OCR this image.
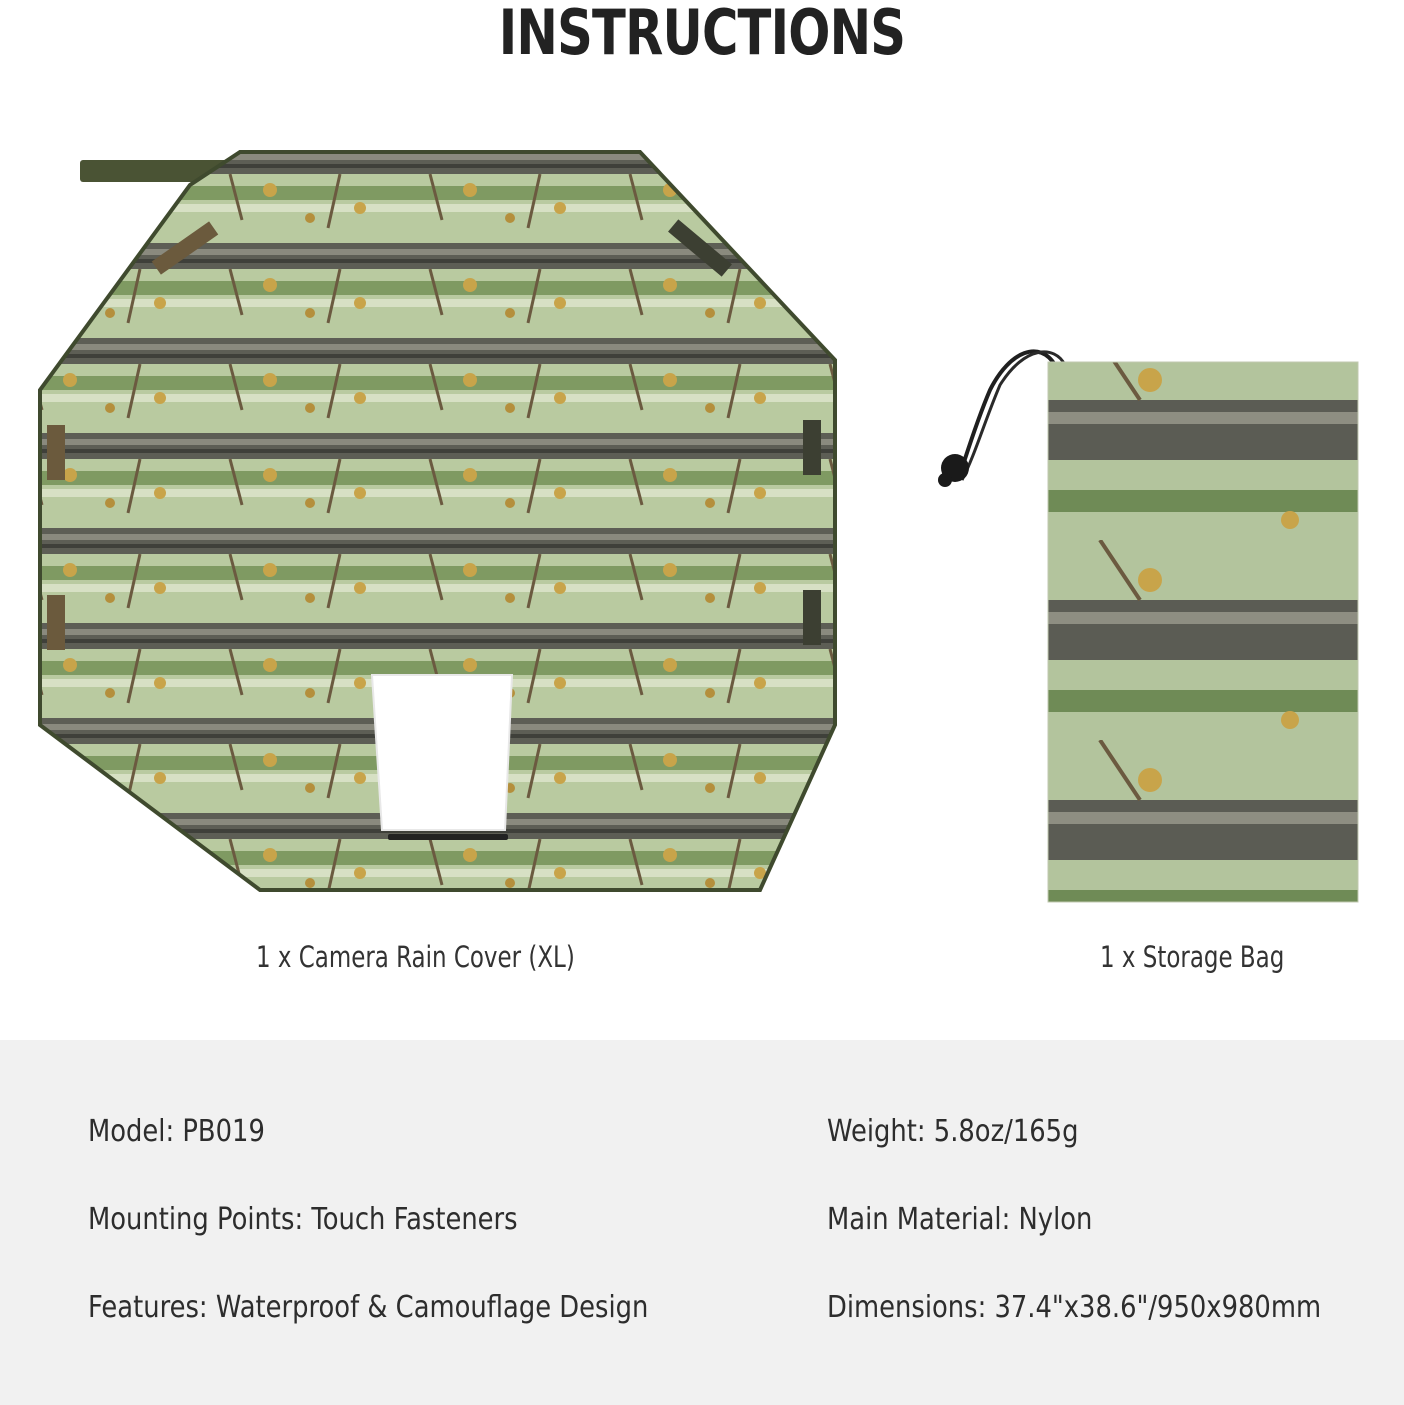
INSTRUCTIONS
1 x Camera Rain Cover (XL)	1 x Storage Bag
Model: PB019
Mounting Points: Touch Fasteners
Features: Waterproof & Camouflage Design
Weight: 5.8oz/165g
Main Material: Nylon
Dimensions: 37.4"x38.6"/950x980mm
